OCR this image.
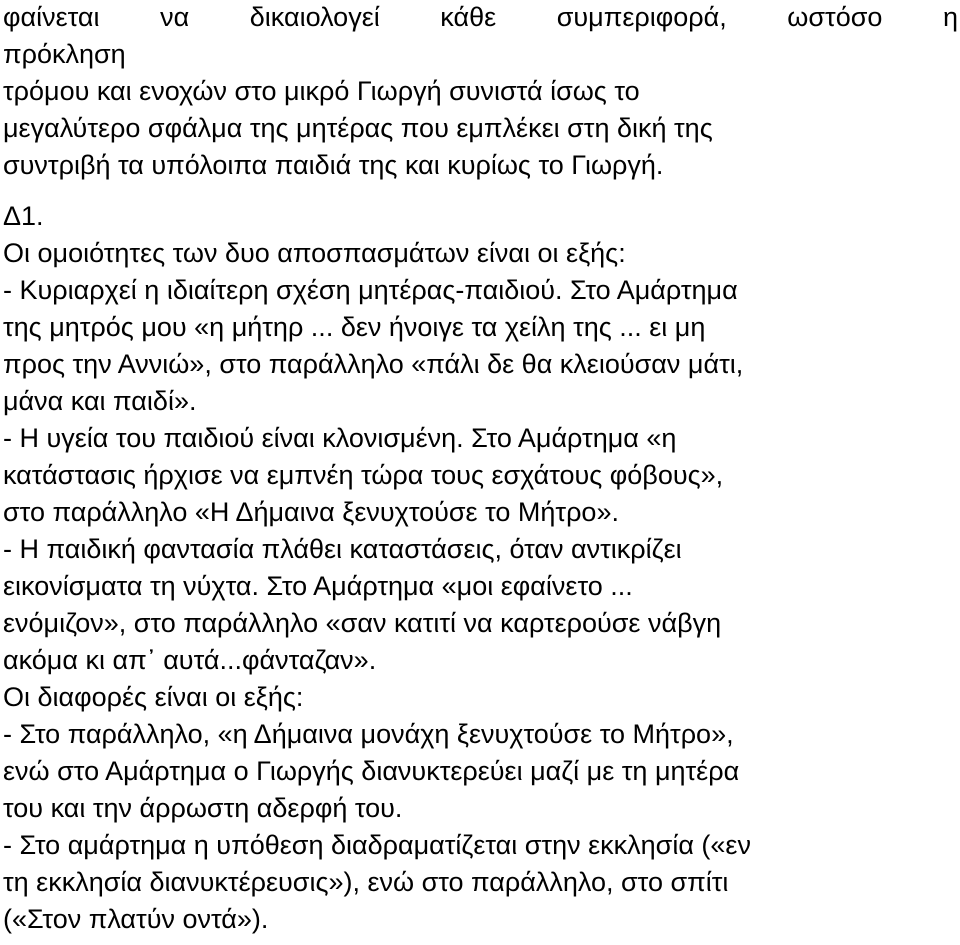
φαίνεται να δικαιολογεί κάθε συμπεριφορά, ωστόσο η
πρόκληση
τρόμου και ενοχών στο μικρό Γιωργή συνιστά ίσως το
μεγαλύτερο σφάλμα της μητέρας που εμπλέκει στη δική της
συντριβή τα υπόλοιπα παιδιά της και κυρίως το Γιωργή.
Δ1.
Οι ομοιότητες των δυο αποσπασμάτων είναι οι εξής:
- Κυριαρχεί η ιδιαίτερη σχέση μητέρας-παιδιού. Στο Αμάρτημα
της μητρός μου «η μήτηρ ... δεν ήνοιγε τα χείλη της ... ει μη
προς την Αννιώ», στο παράλληλο «πάλι δε θα κλειούσαν μάτι,
μάνα και παιδί».
- Η υγεία του παιδιού είναι κλονισμένη. Στο Αμάρτημα «η
κατάστασις ήρχισε να εμπνέη τώρα τους εσχάτους φόβους»,
στο παράλληλο «Η Δήμαινα ξενυχτούσε το Μήτρο».
- Η παιδική φαντασία πλάθει καταστάσεις, όταν αντικρίζει
εικονίσματα τη νύχτα. Στο Αμάρτημα «μοι εφαίνετο ...
ενόμιζον», στο παράλληλο «σαν κατιτί να καρτερούσε νάβγη
ακόμα κι απ᾽ αυτά...φάνταζαν».
Οι διαφορές είναι οι εξής:
- Στο παράλληλο, «η Δήμαινα μονάχη ξενυχτούσε το Μήτρο»,
ενώ στο Αμάρτημα ο Γιωργής διανυκτερεύει μαζί με τη μητέρα
του και την άρρωστη αδερφή του.
- Στο αμάρτημα η υπόθεση διαδραματίζεται στην εκκλησία («εν
τη εκκλησία διανυκτέρευσις»), ενώ στο παράλληλο, στο σπίτι
(«Στον πλατύν οντά»).
